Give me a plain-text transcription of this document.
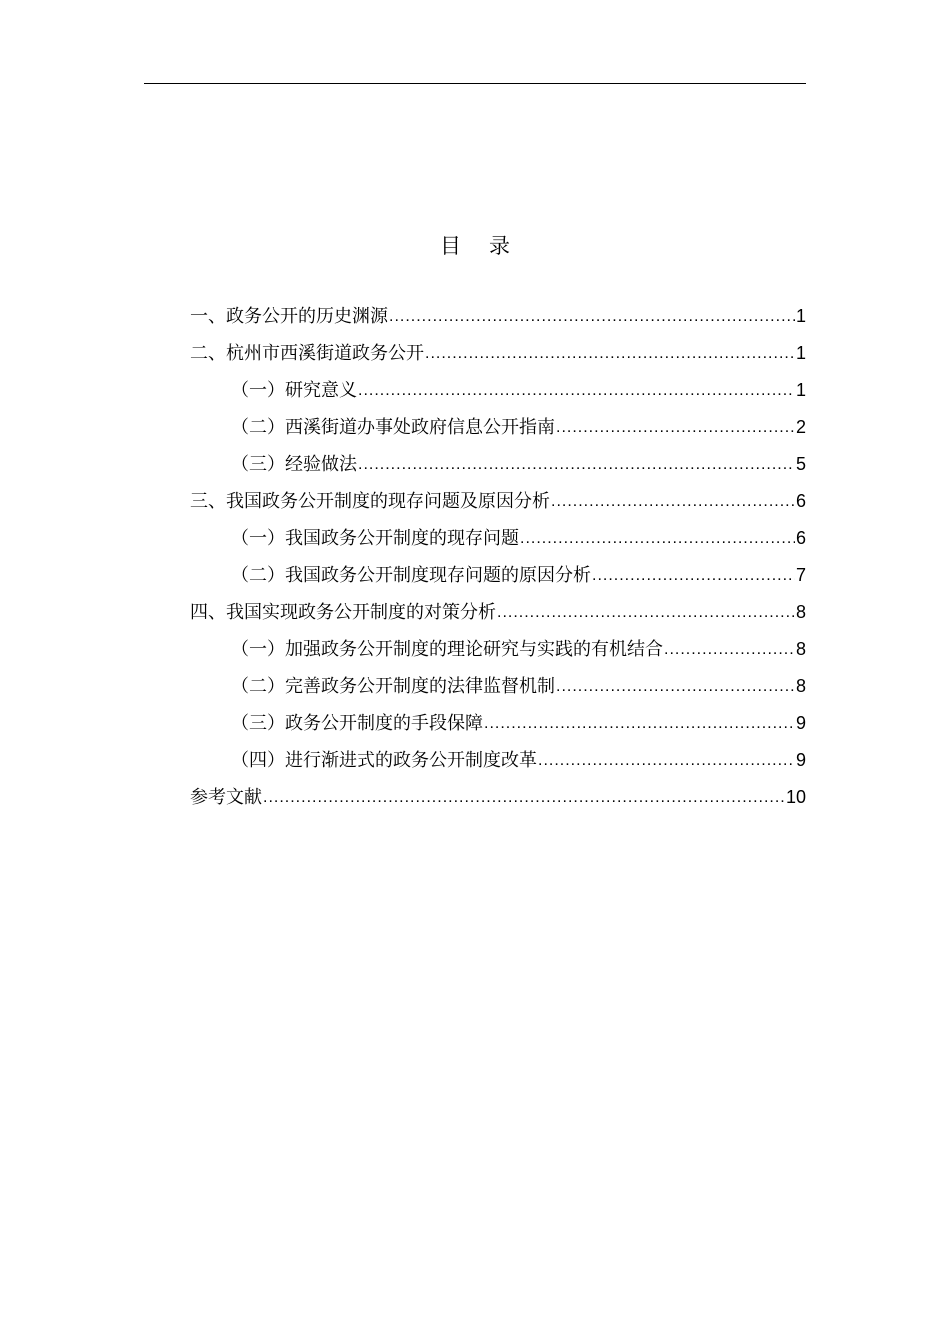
目 录
一、政务公开的历史渊源 .....	1
二、杭州市西溪街道政务公开 .....	1
（一）研究意义 .....	1
（二）西溪街道办事处政府信息公开指南 .....	2
（三）经验做法 .....	5
三、我国政务公开制度的现存问题及原因分析 .....	6
（一）我国政务公开制度的现存问题 .....	6
（二）我国政务公开制度现存问题的原因分析 .....	7
四、我国实现政务公开制度的对策分析 .....	8
（一）加强政务公开制度的理论研究与实践的有机结合 .....	8
（二）完善政务公开制度的法律监督机制 .....	8
（三）政务公开制度的手段保障 .....	9
（四）进行渐进式的政务公开制度改革 .....	9
参考文献 .....	10
